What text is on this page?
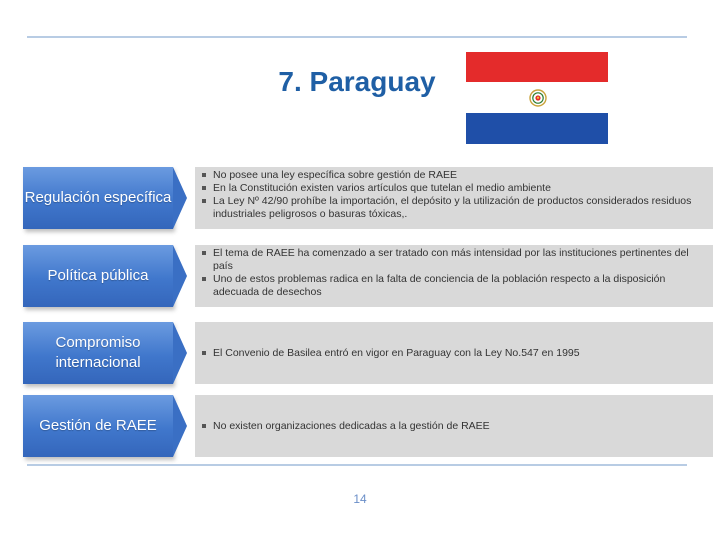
7. Paraguay
Regulación específica
No posee una ley específica sobre gestión de RAEE
En la Constitución existen varios artículos que tutelan el medio ambiente
La Ley Nº 42/90 prohíbe la importación, el depósito y la utilización de productos considerados residuos industriales peligrosos o basuras tóxicas,.
Política pública
El tema de RAEE ha comenzado a ser tratado con más intensidad por las instituciones pertinentes del país
Uno de estos problemas radica en la falta de conciencia de la población respecto a la disposición adecuada de desechos
Compromiso internacional
El Convenio de Basilea entró en vigor en Paraguay con la Ley No.547 en 1995
Gestión de RAEE	No existen organizaciones dedicadas a la gestión de RAEE
14
